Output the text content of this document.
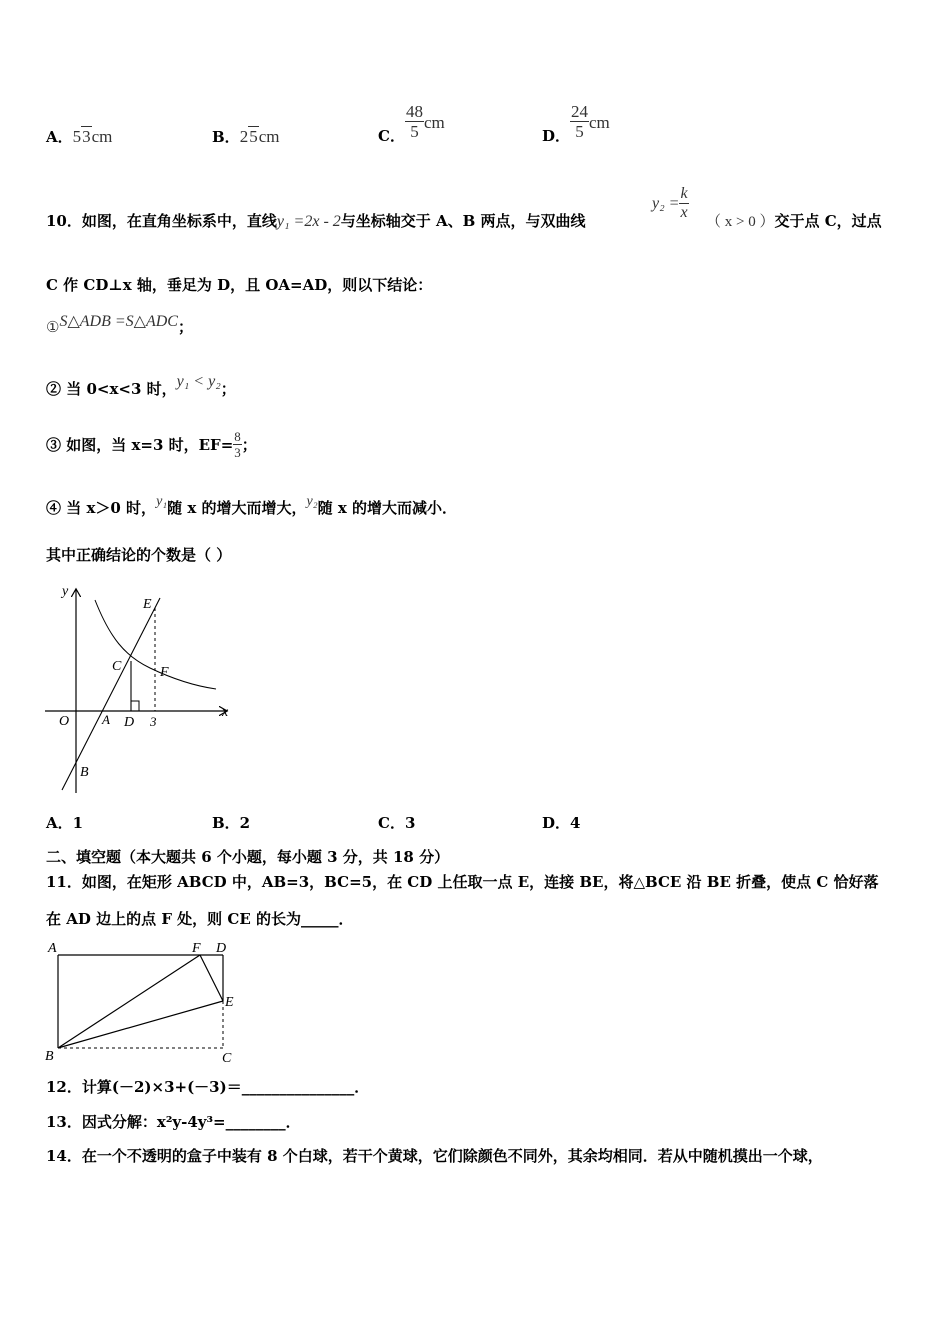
A．53cm	B．25cm	C． $\frac{48}{5}$ cm
D． $\frac{24}{5}$ cm
10．如图，在直角坐标系中，直线y₁ =2x - 2与坐标轴交于 A、B 两点，与双曲线
$y_2 = \frac{k}{x}$
（ x > 0 ）交于点 C，过点
C 作 CD⊥x 轴，垂足为 D，且 OA=AD，则以下结论：
①S△ADB =S△ADC；
② 当 0<x<3 时，y₁ < y₂；
③ 如图，当 x=3 时，$EF= \frac{8}{3}$ ；
④ 当 x＞0 时，y₁随 x 的增大而增大，y₂随 x 的增大而减小．
其中正确结论的个数是（ ）
y
E
C	F
O	A D 3
x
B
A．1	B．2	C．3	D．4
二、填空题（本大题共 6 个小题，每小题 3 分，共 18 分）
11．如图，在矩形 ABCD 中，AB=3，BC=5，在 CD 上任取一点 E，连接 BE，将△BCE 沿 BE 折叠，使点 C 恰好落
在 AD 边上的点 F 处，则 CE 的长为_____．
A	F D
E
B	C
12．计算(－2)×3+(－3)＝_______________．
13．因式分解：x²y-4y³=________．
14．在一个不透明的盒子中装有 8 个白球，若干个黄球，它们除颜色不同外，其余均相同．若从中随机摸出一个球，
